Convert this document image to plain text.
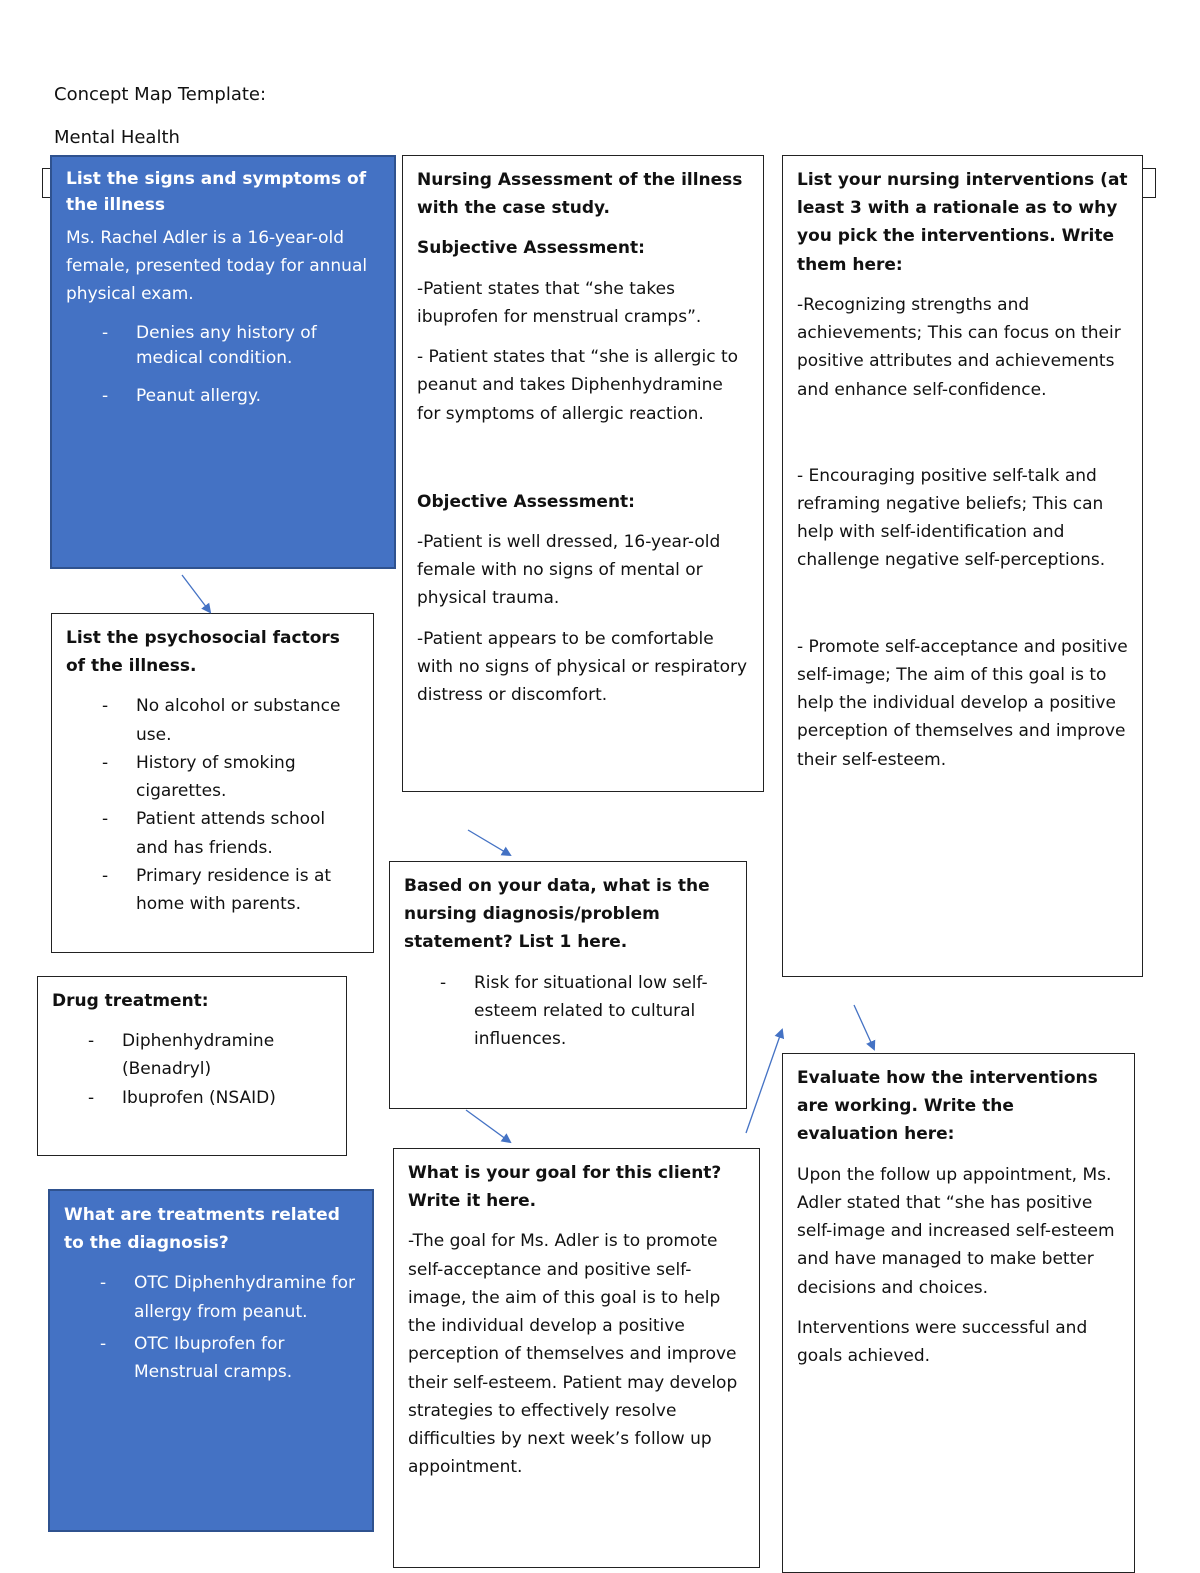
Concept Map Template:

Mental Health

List the signs and symptoms of the illness

Ms. Rachel Adler is a 16-year-old female, presented today for annual physical exam.

- Denies any history of medical condition.
- Peanut allergy.

Nursing Assessment of the illness with the case study.

Subjective Assessment:

-Patient states that “she takes ibuprofen for menstrual cramps”.

- Patient states that “she is allergic to peanut and takes Diphenhydramine for symptoms of allergic reaction.

Objective Assessment:

-Patient is well dressed, 16-year-old female with no signs of mental or physical trauma.

-Patient appears to be comfortable with no signs of physical or respiratory distress or discomfort.

List your nursing interventions (at least 3 with a rationale as to why you pick the interventions. Write them here:

-Recognizing strengths and achievements; This can focus on their positive attributes and achievements and enhance self-confidence.

- Encouraging positive self-talk and reframing negative beliefs; This can help with self-identification and challenge negative self-perceptions.

- Promote self-acceptance and positive self-image; The aim of this goal is to help the individual develop a positive perception of themselves and improve their self-esteem.

List the psychosocial factors of the illness.

- No alcohol or substance use.
- History of smoking cigarettes.
- Patient attends school and has friends.
- Primary residence is at home with parents.

Based on your data, what is the nursing diagnosis/problem statement? List 1 here.

- Risk for situational low self-esteem related to cultural influences.

Drug treatment:

- Diphenhydramine (Benadryl)
- Ibuprofen (NSAID)

What are treatments related to the diagnosis?

- OTC Diphenhydramine for allergy from peanut.
- OTC Ibuprofen for Menstrual cramps.

What is your goal for this client? Write it here.

-The goal for Ms. Adler is to promote self-acceptance and positive self-image, the aim of this goal is to help the individual develop a positive perception of themselves and improve their self-esteem. Patient may develop strategies to effectively resolve difficulties by next week’s follow up appointment.

Evaluate how the interventions are working. Write the evaluation here:

Upon the follow up appointment, Ms. Adler stated that “she has positive self-image and increased self-esteem and have managed to make better decisions and choices.

Interventions were successful and goals achieved.
